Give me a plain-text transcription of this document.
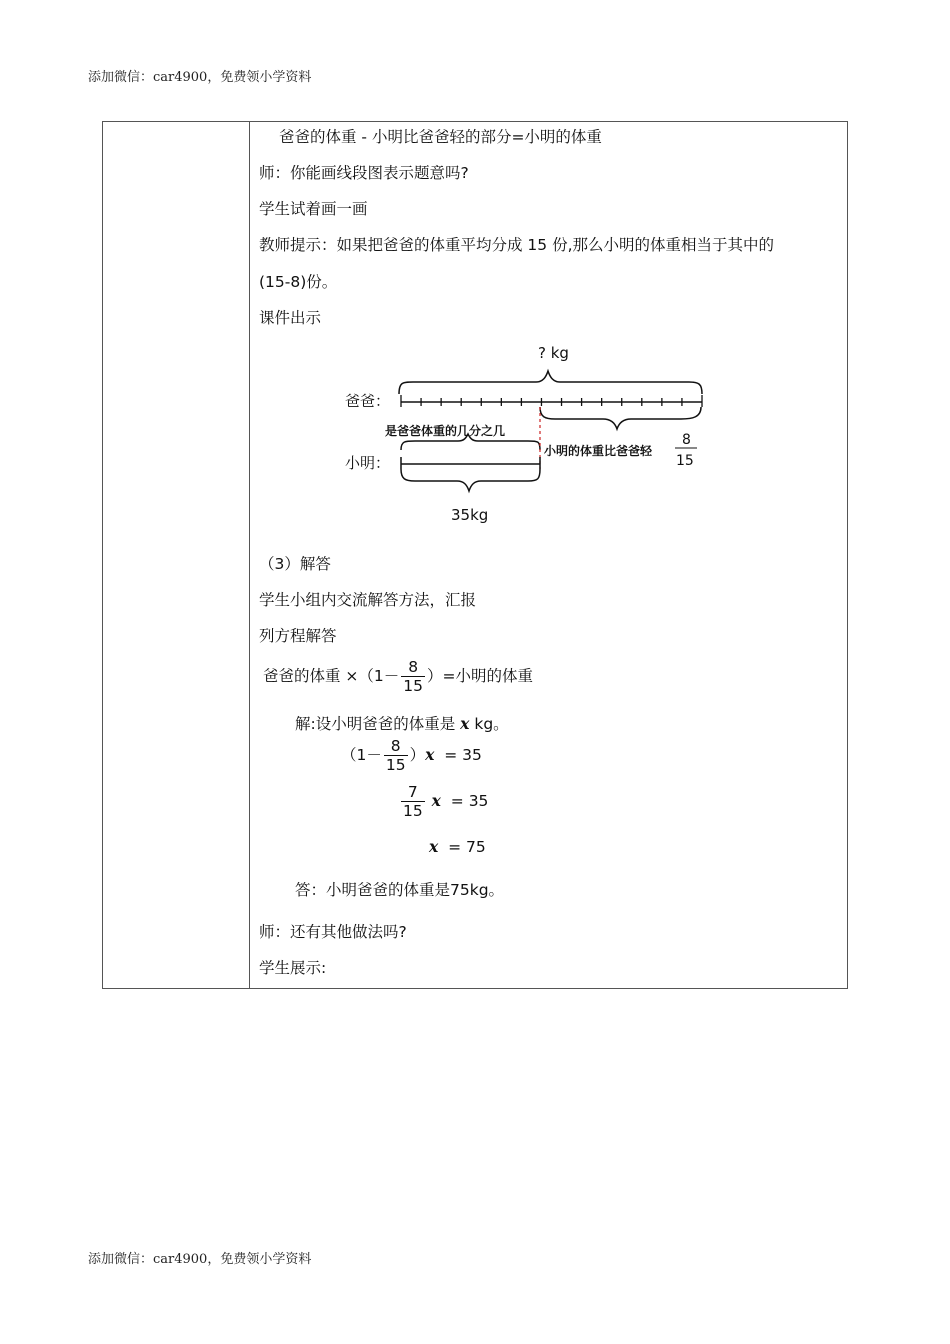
添加微信：car4900，免费领小学资料
爸爸的体重 - 小明比爸爸轻的部分=小明的体重
师：你能画线段图表示题意吗?
学生试着画一画
教师提示：如果把爸爸的体重平均分成 15 份,那么小明的体重相当于其中的
(15-8)份。
课件出示
? kg
爸爸：
是爸爸体重的几分之几
小明的体重比爸爸轻
8
15
小明：
35kg
（3）解答
学生小组内交流解答方法，汇报
列方程解答
爸爸的体重 $\times(1- \frac{8}{15}$ ）=小明的体重
解:设小明爸爸的体重是 x kg。
$(1- \frac{8}{15} )x = 35$
$\frac{7}{15}$ x = 35
x = 75
答：小明爸爸的体重是75kg。
师：还有其他做法吗?
学生展示:
添加微信：car4900，免费领小学资料
